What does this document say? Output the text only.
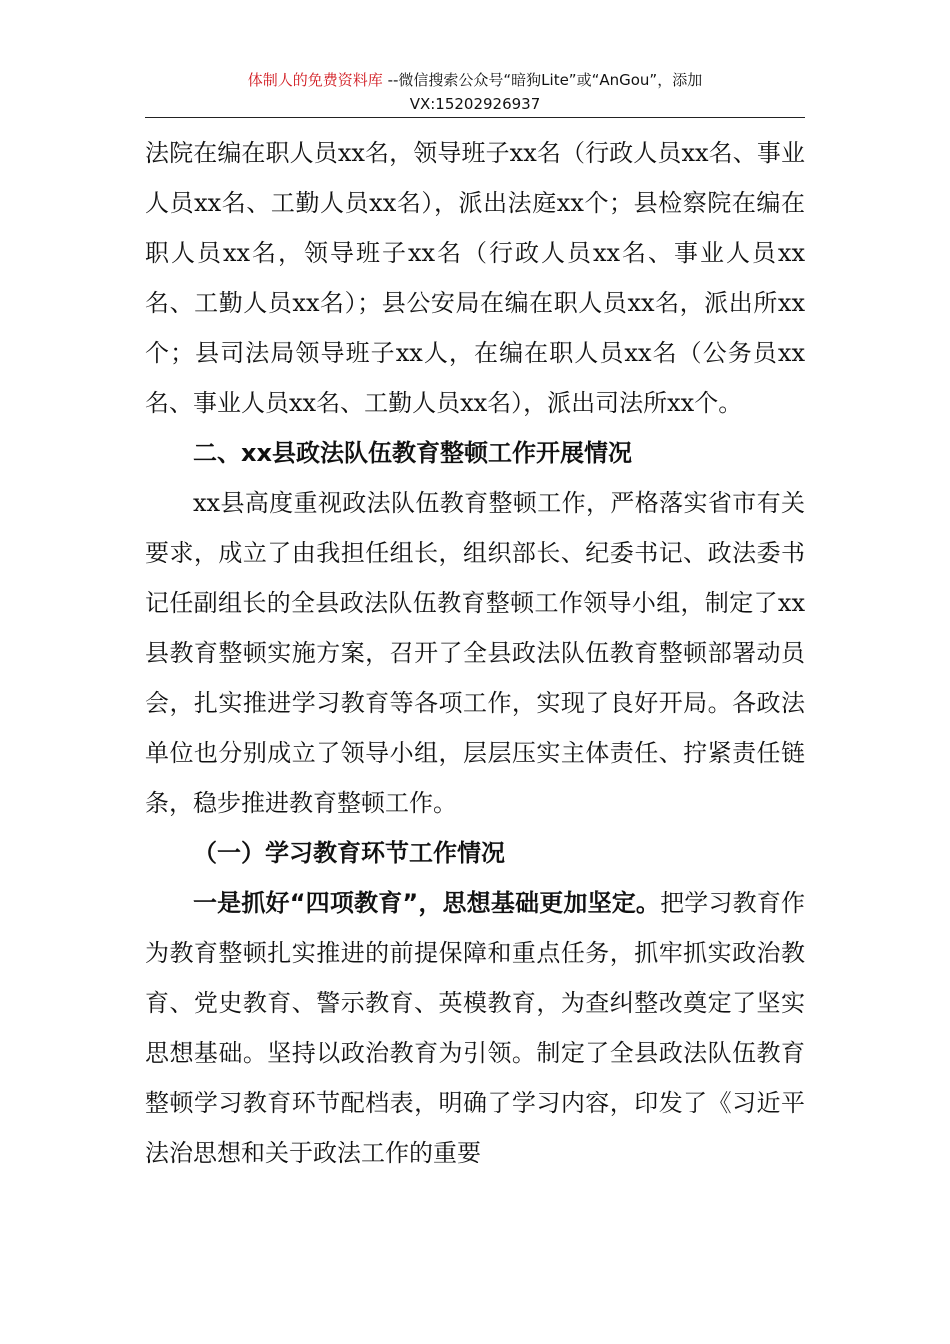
体制人的免费资料库 --微信搜索公众号“暗狗Lite”或“AnGou”，添加
VX:15202926937

法院在编在职人员xx名，领导班子xx名（行政人员xx名、事业人员xx名、工勤人员xx名），派出法庭xx个；县检察院在编在职人员xx名，领导班子xx名（行政人员xx名、事业人员xx名、工勤人员xx名）；县公安局在编在职人员xx名，派出所xx个；县司法局领导班子xx人，在编在职人员xx名（公务员xx名、事业人员xx名、工勤人员xx名），派出司法所xx个。

二、xx县政法队伍教育整顿工作开展情况

xx县高度重视政法队伍教育整顿工作，严格落实省市有关要求，成立了由我担任组长，组织部长、纪委书记、政法委书记任副组长的全县政法队伍教育整顿工作领导小组，制定了xx县教育整顿实施方案，召开了全县政法队伍教育整顿部署动员会，扎实推进学习教育等各项工作，实现了良好开局。各政法单位也分别成立了领导小组，层层压实主体责任、拧紧责任链条，稳步推进教育整顿工作。

（一）学习教育环节工作情况

一是抓好“四项教育”，思想基础更加坚定。把学习教育作为教育整顿扎实推进的前提保障和重点任务，抓牢抓实政治教育、党史教育、警示教育、英模教育，为查纠整改奠定了坚实思想基础。坚持以政治教育为引领。制定了全县政法队伍教育整顿学习教育环节配档表，明确了学习内容，印发了《习近平法治思想和关于政法工作的重要
